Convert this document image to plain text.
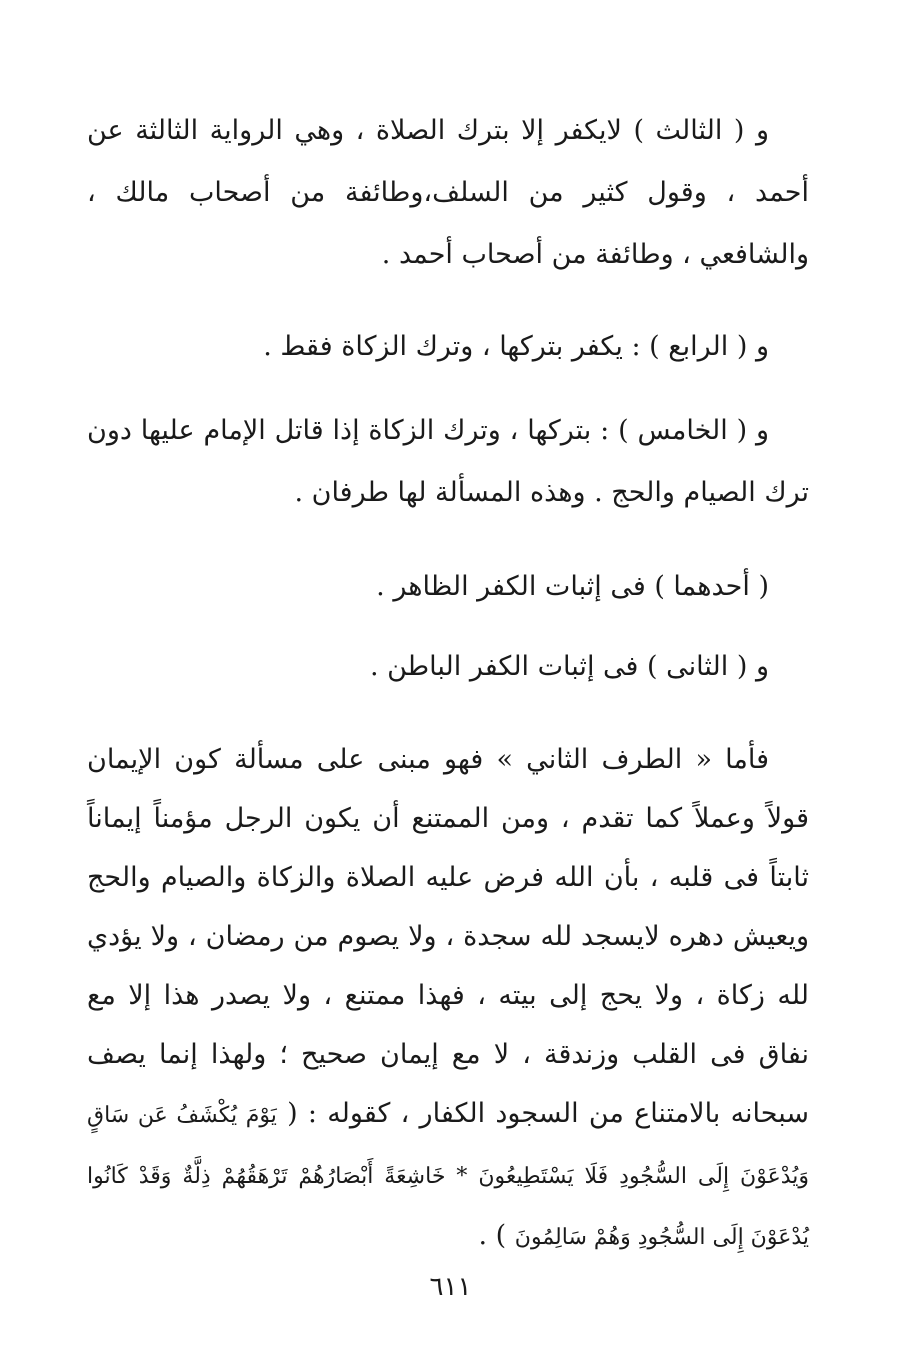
و ( الثالث ) لايكفر إلا بترك الصلاة ، وهي الرواية الثالثة عن أحمد ، وقول كثير من السلف،وطائفة من أصحاب مالك ، والشافعي ، وطائفة من أصحاب أحمد .

و ( الرابع ) : يكفر بتركها ، وترك الزكاة فقط .

و ( الخامس ) : بتركها ، وترك الزكاة إذا قاتل الإمام عليها دون ترك الصيام والحج . وهذه المسألة لها طرفان .

( أحدهما ) فى إثبات الكفر الظاهر .

و ( الثانى ) فى إثبات الكفر الباطن .

فأما « الطرف الثاني » فهو مبنى على مسألة كون الإيمان قولاً وعملاً كما تقدم ، ومن الممتنع أن يكون الرجل مؤمناً إيماناً ثابتاً فى قلبه ، بأن الله فرض عليه الصلاة والزكاة والصيام والحج ويعيش دهره لايسجد لله سجدة ، ولا يصوم من رمضان ، ولا يؤدي لله زكاة ، ولا يحج إلى بيته ، فهذا ممتنع ، ولا يصدر هذا إلا مع نفاق فى القلب وزندقة ، لا مع إيمان صحيح ؛ ولهذا إنما يصف سبحانه بالامتناع من السجود الكفار ، كقوله : ( يَوْمَ يُكْشَفُ عَن سَاقٍ وَيُدْعَوْنَ إِلَى السُّجُودِ فَلَا يَسْتَطِيعُونَ * خَاشِعَةً أَبْصَارُهُمْ تَرْهَقُهُمْ ذِلَّةٌ وَقَدْ كَانُوا يُدْعَوْنَ إِلَى السُّجُودِ وَهُمْ سَالِمُونَ ) .

٦١١
